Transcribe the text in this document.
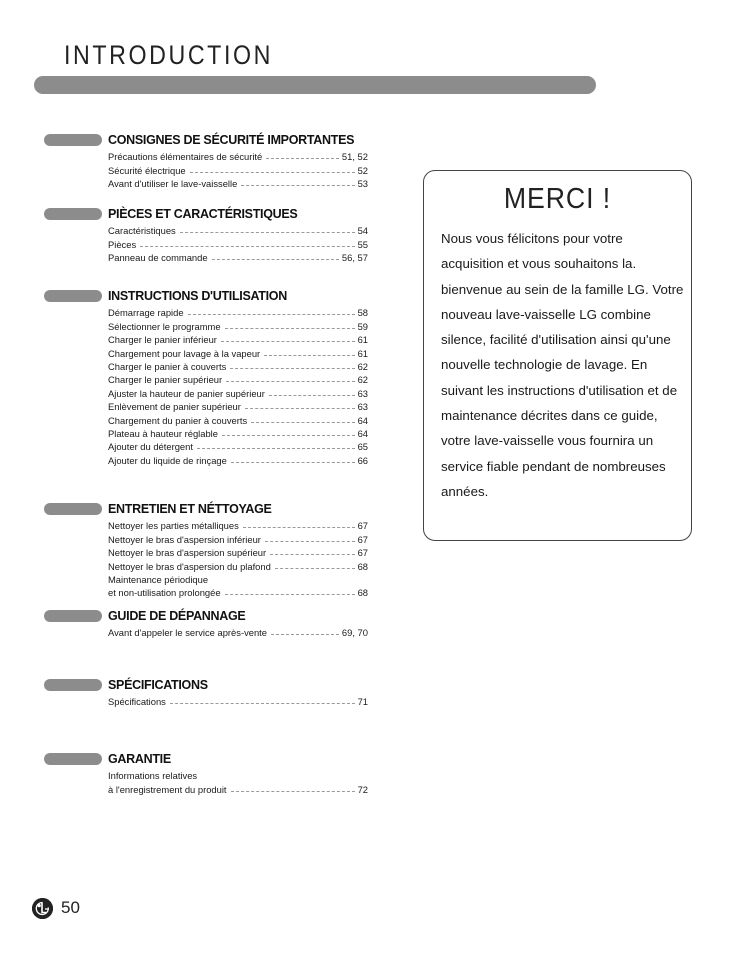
INTRODUCTION
CONSIGNES DE SÉCURITÉ IMPORTANTES
Précautions élémentaires de sécurité	51, 52
Sécurité électrique	52
Avant d'utiliser le lave-vaisselle	53
PIÈCES ET CARACTÉRISTIQUES
Caractéristiques	54
Pièces	55
Panneau de commande	56, 57
INSTRUCTIONS D'UTILISATION
Démarrage rapide	58
Sélectionner le programme	59
Charger le panier inférieur	61
Chargement pour lavage à la vapeur	61
Charger le panier à couverts	62
Charger le panier supérieur	62
Ajuster la hauteur de panier supérieur	63
Enlèvement de panier supérieur	63
Chargement du panier à couverts	64
Plateau à hauteur réglable	64
Ajouter du détergent	65
Ajouter du liquide de rinçage	66
ENTRETIEN ET NÉTTOYAGE
Nettoyer les parties métalliques	67
Nettoyer le bras d'aspersion inférieur	67
Nettoyer le bras d'aspersion supérieur	67
Nettoyer le bras d'aspersion du plafond	68
Maintenance périodique
et non-utilisation prolongée	68
GUIDE DE DÉPANNAGE
Avant d'appeler le service après-vente	69, 70
SPÉCIFICATIONS
Spécifications	71
GARANTIE
Informations relatives
à l'enregistrement du produit	72
MERCI !
Nous vous félicitons pour votre acquisition et vous souhaitons la. bienvenue au sein de la famille LG. Votre nouveau lave-vaisselle LG combine silence, facilité d'utilisation ainsi qu'une nouvelle technologie de lavage. En suivant les instructions d'utilisation et de maintenance décrites dans ce guide, votre lave-vaisselle vous fournira un service fiable pendant de nombreuses années.
50
